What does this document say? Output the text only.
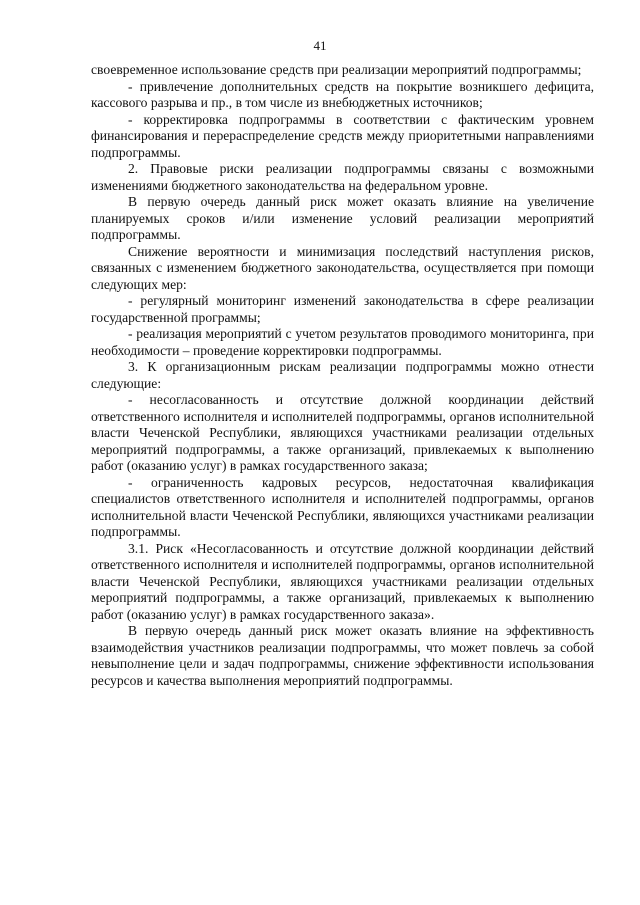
41

своевременное использование средств при реализации мероприятий подпрограммы;

- привлечение дополнительных средств на покрытие возникшего дефицита, кассового разрыва и пр., в том числе из внебюджетных источников;

- корректировка подпрограммы в соответствии с фактическим уровнем финансирования и перераспределение средств между приоритетными направлениями подпрограммы.

2. Правовые риски реализации подпрограммы связаны с возможными изменениями бюджетного законодательства на федеральном уровне.

В первую очередь данный риск может оказать влияние на увеличение планируемых сроков и/или изменение условий реализации мероприятий подпрограммы.

Снижение вероятности и минимизация последствий наступления рисков, связанных с изменением бюджетного законодательства, осуществляется при помощи следующих мер:

- регулярный мониторинг изменений законодательства в сфере реализации государственной программы;

- реализация мероприятий с учетом результатов проводимого мониторинга, при необходимости – проведение корректировки подпрограммы.

3. К организационным рискам реализации подпрограммы можно отнести следующие:

- несогласованность и отсутствие должной координации действий ответственного исполнителя и исполнителей подпрограммы, органов исполнительной власти Чеченской Республики, являющихся участниками реализации отдельных мероприятий подпрограммы, а также организаций, привлекаемых к выполнению работ (оказанию услуг) в рамках государственного заказа;

- ограниченность кадровых ресурсов, недостаточная квалификация специалистов ответственного исполнителя и исполнителей подпрограммы, органов исполнительной власти Чеченской Республики, являющихся участниками реализации подпрограммы.

3.1. Риск «Несогласованность и отсутствие должной координации действий ответственного исполнителя и исполнителей подпрограммы, органов исполнительной власти Чеченской Республики, являющихся участниками реализации отдельных мероприятий подпрограммы, а также организаций, привлекаемых к выполнению работ (оказанию услуг) в рамках государственного заказа».

В первую очередь данный риск может оказать влияние на эффективность взаимодействия участников реализации подпрограммы, что может повлечь за собой невыполнение цели и задач подпрограммы, снижение эффективности использования ресурсов и качества выполнения мероприятий подпрограммы.
